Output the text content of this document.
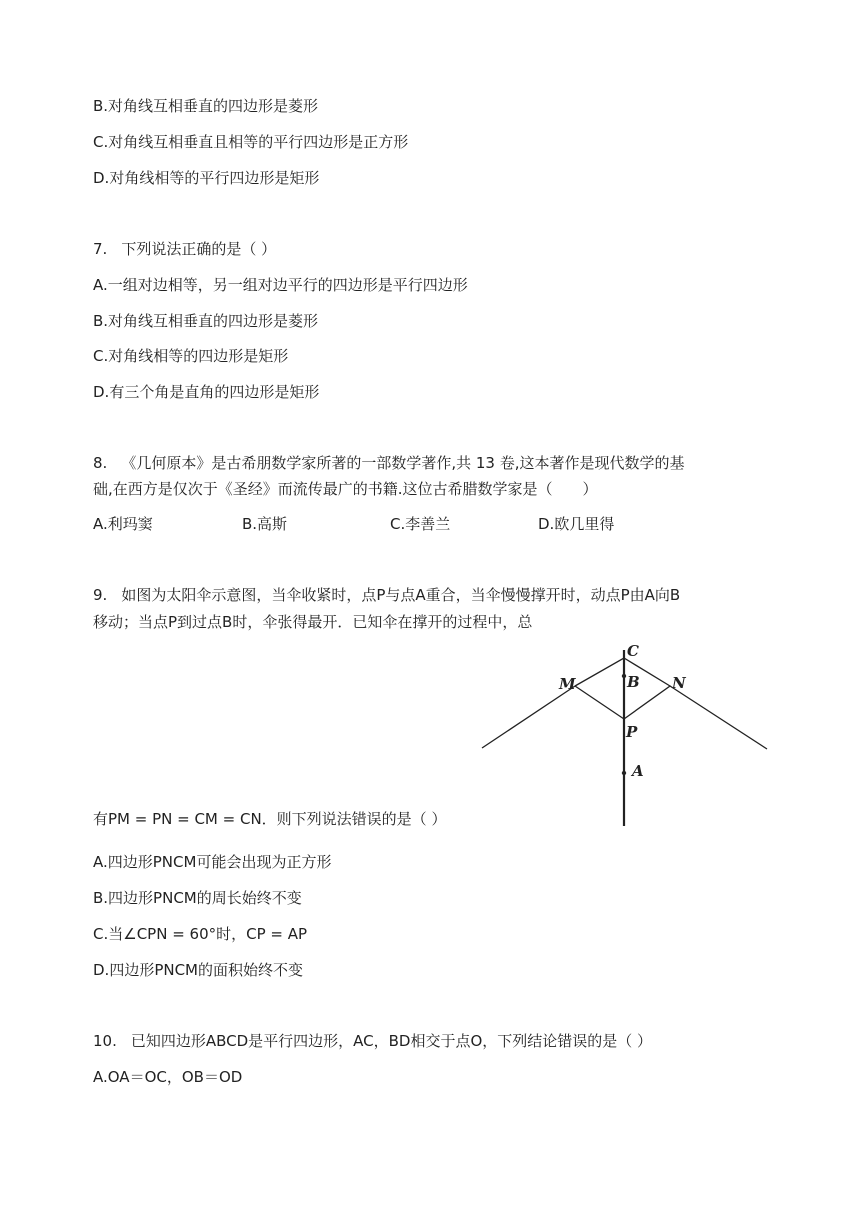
B.对角线互相垂直的四边形是菱形
C.对角线互相垂直且相等的平行四边形是正方形
D.对角线相等的平行四边形是矩形
7. 下列说法正确的是（ ）
A.一组对边相等，另一组对边平行的四边形是平行四边形
B.对角线互相垂直的四边形是菱形
C.对角线相等的四边形是矩形
D.有三个角是直角的四边形是矩形
8. 《几何原本》是古希朋数学家所著的一部数学著作,共 13 卷,这本著作是现代数学的基
础,在西方是仅次于《圣经》而流传最广的书籍.这位古希腊数学家是（　　）
A.利玛窦	B.高斯	C.李善兰	D.欧几里得
9. 如图为太阳伞示意图，当伞收紧时，点P与点A重合，当伞慢慢撑开时，动点P由A向B
移动；当点P到过点B时，伞张得最开．已知伞在撑开的过程中，总
C
B
M	N
P
A
有PM = PN = CM = CN．则下列说法错误的是（ ）
A.四边形PNCM可能会出现为正方形
B.四边形PNCM的周长始终不变
C.当∠CPN = 60°时，CP = AP
D.四边形PNCM的面积始终不变
10. 已知四边形ABCD是平行四边形，AC，BD相交于点O，下列结论错误的是（ ）
A.OA＝OC，OB＝OD
